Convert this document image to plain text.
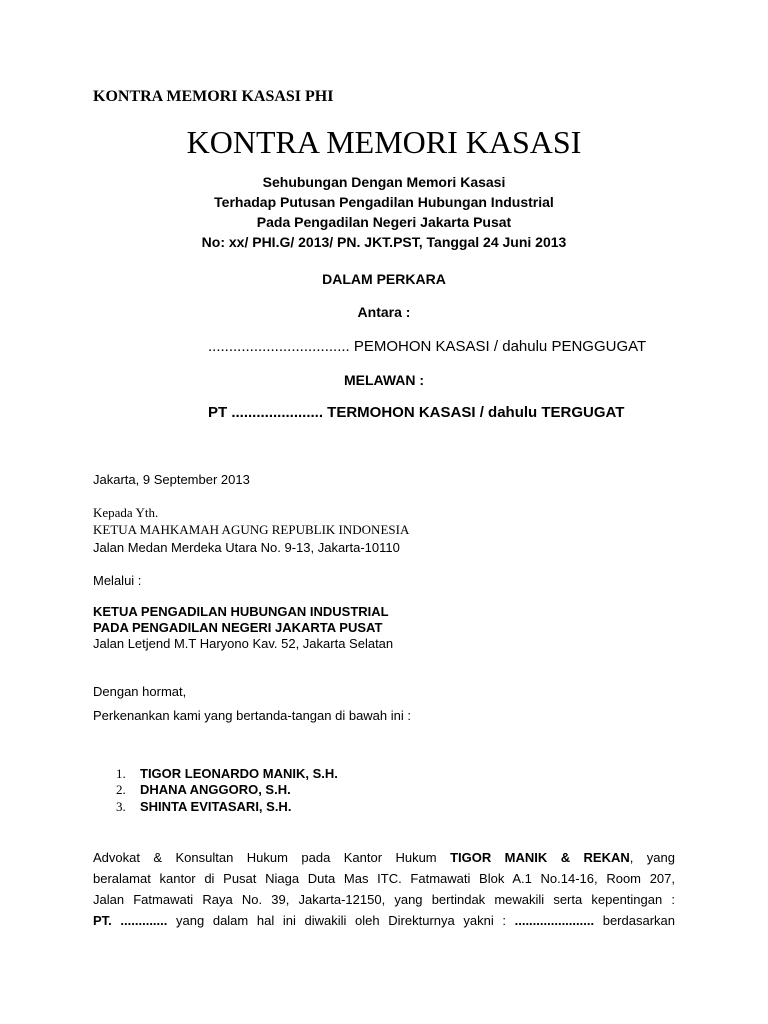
KONTRA MEMORI KASASI PHI
KONTRA MEMORI KASASI
Sehubungan Dengan Memori Kasasi
Terhadap Putusan Pengadilan Hubungan Industrial
Pada Pengadilan Negeri Jakarta Pusat
No: xx/ PHI.G/ 2013/ PN. JKT.PST, Tanggal 24 Juni 2013
DALAM PERKARA
Antara :
.................................. PEMOHON KASASI / dahulu PENGGUGAT
MELAWAN :
PT ...................... TERMOHON KASASI / dahulu TERGUGAT
Jakarta, 9 September 2013
Kepada Yth.
KETUA MAHKAMAH AGUNG REPUBLIK INDONESIA
Jalan Medan Merdeka Utara No. 9-13, Jakarta-10110
Melalui :
KETUA PENGADILAN HUBUNGAN INDUSTRIAL
PADA PENGADILAN NEGERI JAKARTA PUSAT
Jalan Letjend M.T Haryono Kav. 52, Jakarta Selatan
Dengan hormat,
Perkenankan kami yang bertanda-tangan di bawah ini :
1. TIGOR LEONARDO MANIK, S.H.
2. DHANA ANGGORO, S.H.
3. SHINTA EVITASARI, S.H.
Advokat & Konsultan Hukum pada Kantor Hukum TIGOR MANIK & REKAN, yang
beralamat kantor di Pusat Niaga Duta Mas ITC. Fatmawati Blok A.1 No.14-16, Room 207,
Jalan Fatmawati Raya No. 39, Jakarta-12150, yang bertindak mewakili serta kepentingan :
PT. ............. yang dalam hal ini diwakili oleh Direkturnya yakni : ...................... berdasarkan
